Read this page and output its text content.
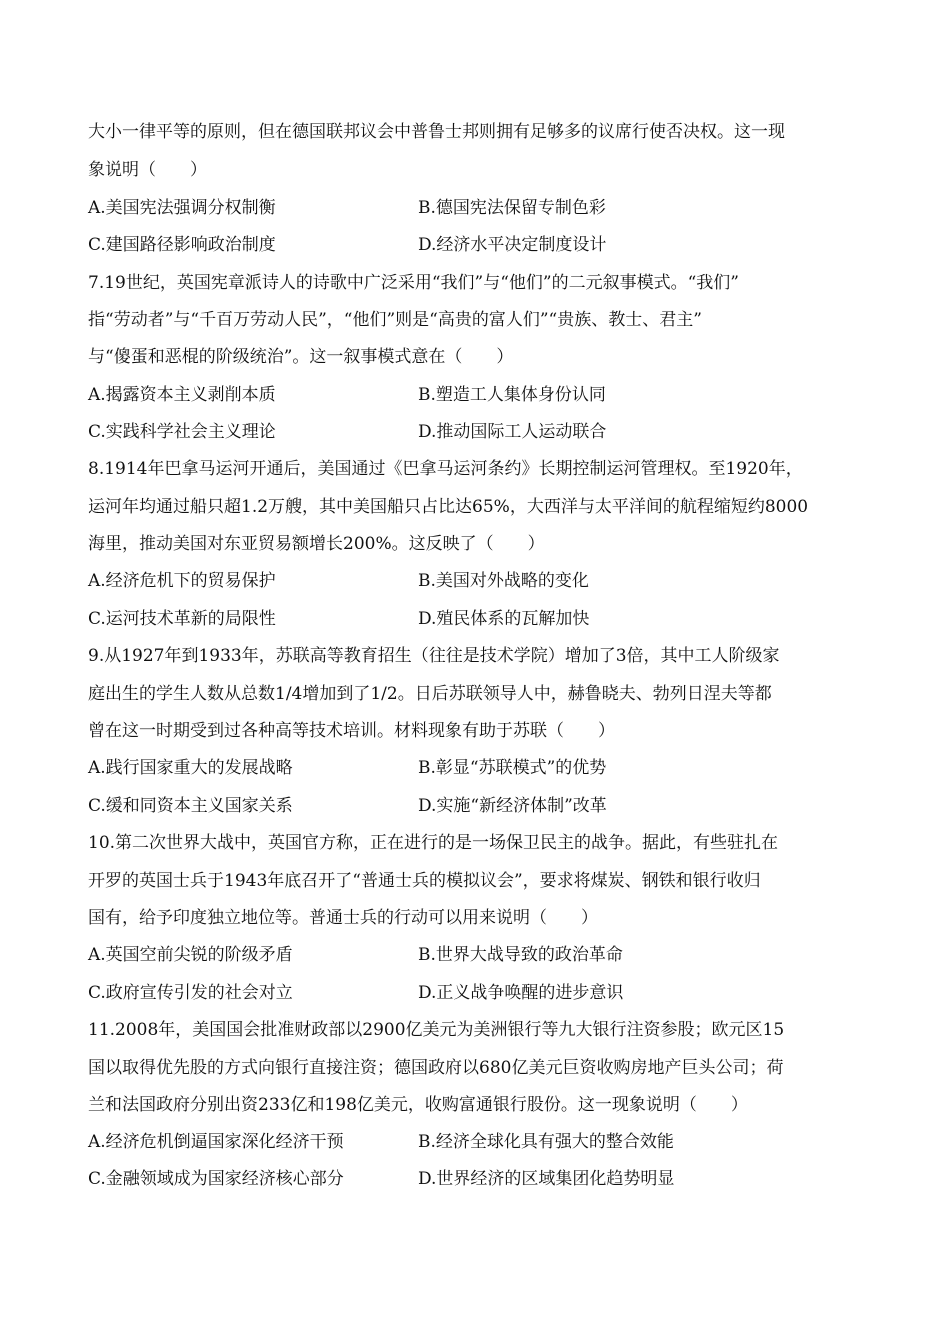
大小一律平等的原则，但在德国联邦议会中普鲁士邦则拥有足够多的议席行使否决权。这一现
象说明（　　）
A.美国宪法强调分权制衡	B.德国宪法保留专制色彩
C.建国路径影响政治制度	D.经济水平决定制度设计
7.19世纪，英国宪章派诗人的诗歌中广泛采用“我们”与“他们”的二元叙事模式。“我们”
指“劳动者”与“千百万劳动人民”，“他们”则是“高贵的富人们”“贵族、教士、君主”
与“傻蛋和恶棍的阶级统治”。这一叙事模式意在（　　）
A.揭露资本主义剥削本质	B.塑造工人集体身份认同
C.实践科学社会主义理论	D.推动国际工人运动联合
8.1914年巴拿马运河开通后，美国通过《巴拿马运河条约》长期控制运河管理权。至1920年，
运河年均通过船只超1.2万艘，其中美国船只占比达65%，大西洋与太平洋间的航程缩短约8000
海里，推动美国对东亚贸易额增长200%。这反映了（　　）
A.经济危机下的贸易保护	B.美国对外战略的变化
C.运河技术革新的局限性	D.殖民体系的瓦解加快
9.从1927年到1933年，苏联高等教育招生（往往是技术学院）增加了3倍，其中工人阶级家
庭出生的学生人数从总数1/4增加到了1/2。日后苏联领导人中，赫鲁晓夫、勃列日涅夫等都
曾在这一时期受到过各种高等技术培训。材料现象有助于苏联（　　）
A.践行国家重大的发展战略	B.彰显“苏联模式”的优势
C.缓和同资本主义国家关系	D.实施“新经济体制”改革
10.第二次世界大战中，英国官方称，正在进行的是一场保卫民主的战争。据此，有些驻扎在
开罗的英国士兵于1943年底召开了“普通士兵的模拟议会”，要求将煤炭、钢铁和银行收归
国有，给予印度独立地位等。普通士兵的行动可以用来说明（　　）
A.英国空前尖锐的阶级矛盾	B.世界大战导致的政治革命
C.政府宣传引发的社会对立	D.正义战争唤醒的进步意识
11.2008年，美国国会批准财政部以2900亿美元为美洲银行等九大银行注资参股；欧元区15
国以取得优先股的方式向银行直接注资；德国政府以680亿美元巨资收购房地产巨头公司；荷
兰和法国政府分别出资233亿和198亿美元，收购富通银行股份。这一现象说明（　　）
A.经济危机倒逼国家深化经济干预	B.经济全球化具有强大的整合效能
C.金融领域成为国家经济核心部分	D.世界经济的区域集团化趋势明显
